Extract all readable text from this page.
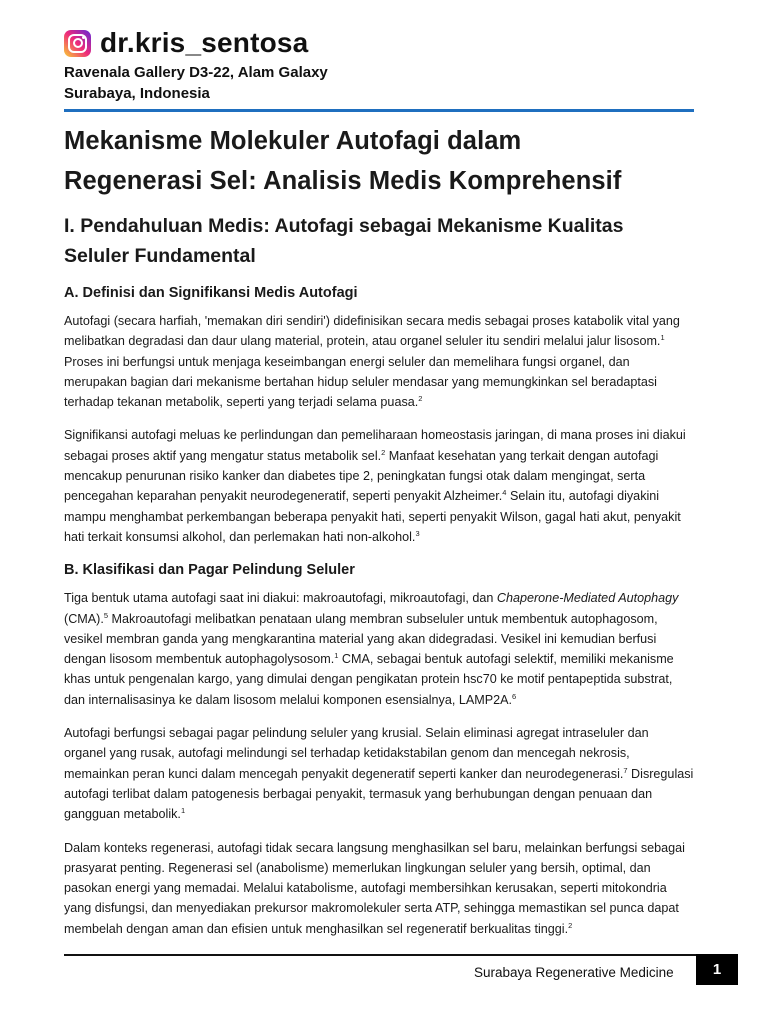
dr.kris_sentosa
Ravenala Gallery D3-22, Alam Galaxy
Surabaya, Indonesia
Mekanisme Molekuler Autofagi dalam
Regenerasi Sel: Analisis Medis Komprehensif
I. Pendahuluan Medis: Autofagi sebagai Mekanisme Kualitas
Seluler Fundamental
A. Definisi dan Signifikansi Medis Autofagi

Autofagi (secara harfiah, 'memakan diri sendiri') didefinisikan secara medis sebagai proses katabolik vital yang melibatkan degradasi dan daur ulang material, protein, atau organel seluler itu sendiri melalui jalur lisosom.$^1$ Proses ini berfungsi untuk menjaga keseimbangan energi seluler dan memelihara fungsi organel, dan merupakan bagian dari mekanisme bertahan hidup seluler mendasar yang memungkinkan sel beradaptasi terhadap tekanan metabolik, seperti yang terjadi selama puasa.$^2$

Signifikansi autofagi meluas ke perlindungan dan pemeliharaan homeostasis jaringan, di mana proses ini diakui sebagai proses aktif yang mengatur status metabolik sel.$^2$ Manfaat kesehatan yang terkait dengan autofagi mencakup penurunan risiko kanker dan diabetes tipe 2, peningkatan fungsi otak dalam mengingat, serta pencegahan keparahan penyakit neurodegeneratif, seperti penyakit Alzheimer.$^4$ Selain itu, autofagi diyakini mampu menghambat perkembangan beberapa penyakit hati, seperti penyakit Wilson, gagal hati akut, penyakit hati terkait konsumsi alkohol, dan perlemakan hati non-alkohol.$^3$

B. Klasifikasi dan Pagar Pelindung Seluler

Tiga bentuk utama autofagi saat ini diakui: makroautofagi, mikroautofagi, dan Chaperone-Mediated Autophagy (CMA).$^5$ Makroautofagi melibatkan penataan ulang membran subseluler untuk membentuk autophagosom, vesikel membran ganda yang mengkarantina material yang akan didegradasi. Vesikel ini kemudian berfusi dengan lisosom membentuk autophagolysosom.$^1$ CMA, sebagai bentuk autofagi selektif, memiliki mekanisme khas untuk pengenalan kargo, yang dimulai dengan pengikatan protein hsc70 ke motif pentapeptida substrat, dan internalisasinya ke dalam lisosom melalui komponen esensialnya, LAMP2A.$^6$

Autofagi berfungsi sebagai pagar pelindung seluler yang krusial. Selain eliminasi agregat intraseluler dan organel yang rusak, autofagi melindungi sel terhadap ketidakstabilan genom dan mencegah nekrosis, memainkan peran kunci dalam mencegah penyakit degeneratif seperti kanker dan neurodegenerasi.$^7$ Disregulasi autofagi terlibat dalam patogenesis berbagai penyakit, termasuk yang berhubungan dengan penuaan dan gangguan metabolik.$^1$

Dalam konteks regenerasi, autofagi tidak secara langsung menghasilkan sel baru, melainkan berfungsi sebagai prasyarat penting. Regenerasi sel (anabolisme) memerlukan lingkungan seluler yang bersih, optimal, dan pasokan energi yang memadai. Melalui katabolisme, autofagi membersihkan kerusakan, seperti mitokondria yang disfungsi, dan menyediakan prekursor makromolekuler serta ATP, sehingga memastikan sel punca dapat membelah dengan aman dan efisien untuk menghasilkan sel regeneratif berkualitas tinggi.$^2$

Surabaya Regenerative Medicine	1
